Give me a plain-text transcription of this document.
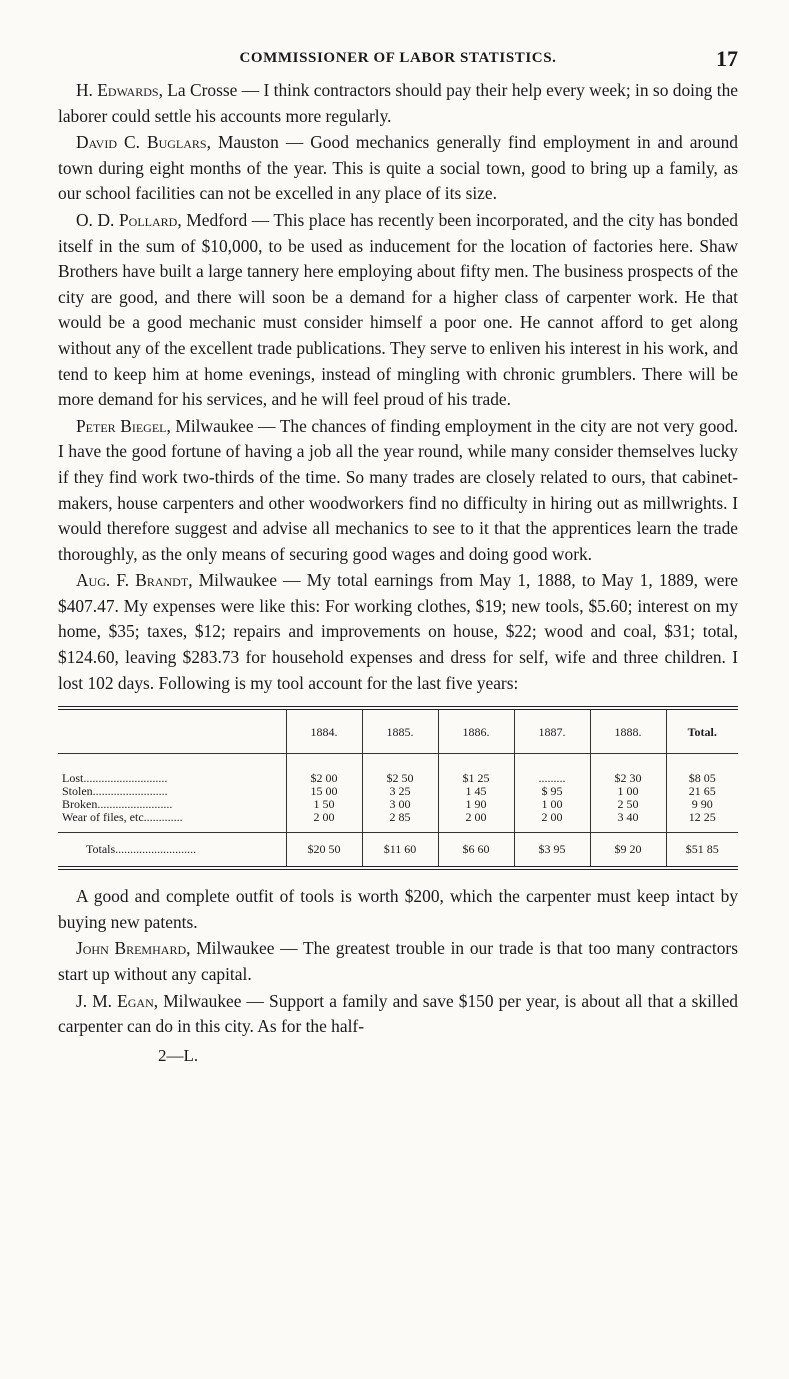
COMMISSIONER OF LABOR STATISTICS.	17

H. Edwards, La Crosse — I think contractors should pay their help every week; in so doing the laborer could settle his accounts more regularly.

David C. Buglars, Mauston — Good mechanics generally find employment in and around town during eight months of the year. This is quite a social town, good to bring up a family, as our school facilities can not be excelled in any place of its size.

O. D. Pollard, Medford — This place has recently been incorporated, and the city has bonded itself in the sum of $10,000, to be used as inducement for the location of factories here. Shaw Brothers have built a large tannery here employing about fifty men. The business prospects of the city are good, and there will soon be a demand for a higher class of carpenter work. He that would be a good mechanic must consider himself a poor one. He cannot afford to get along without any of the excellent trade publications. They serve to enliven his interest in his work, and tend to keep him at home evenings, instead of mingling with chronic grumblers. There will be more demand for his services, and he will feel proud of his trade.

Peter Biegel, Milwaukee — The chances of finding employment in the city are not very good. I have the good fortune of having a job all the year round, while many consider themselves lucky if they find work two-thirds of the time. So many trades are closely related to ours, that cabinet-makers, house carpenters and other woodworkers find no difficulty in hiring out as millwrights. I would therefore suggest and advise all mechanics to see to it that the apprentices learn the trade thoroughly, as the only means of securing good wages and doing good work.

Aug. F. Brandt, Milwaukee — My total earnings from May 1, 1888, to May 1, 1889, were $407.47. My expenses were like this: For working clothes, $19; new tools, $5.60; interest on my home, $35; taxes, $12; repairs and improvements on house, $22; wood and coal, $31; total, $124.60, leaving $283.73 for household expenses and dress for self, wife and three children. I lost 102 days. Following is my tool account for the last five years:

	1884.	1885.	1886.	1887.	1888.	Total.
Lost............................	$2 00	$2 50	$1 25	.........	$2 30	$8 05
Stolen.........................	15 00	3 25	1 45	$ 95	1 00	21 65
Broken.........................	1 50	3 00	1 90	1 00	2 50	9 90
Wear of files, etc.............	2 00	2 85	2 00	2 00	3 40	12 25
Totals...........................	$20 50	$11 60	$6 60	$3 95	$9 20	$51 85

A good and complete outfit of tools is worth $200, which the carpenter must keep intact by buying new patents.

John Bremhard, Milwaukee — The greatest trouble in our trade is that too many contractors start up without any capital.

J. M. Egan, Milwaukee — Support a family and save $150 per year, is about all that a skilled carpenter can do in this city. As for the half-

2—L.
